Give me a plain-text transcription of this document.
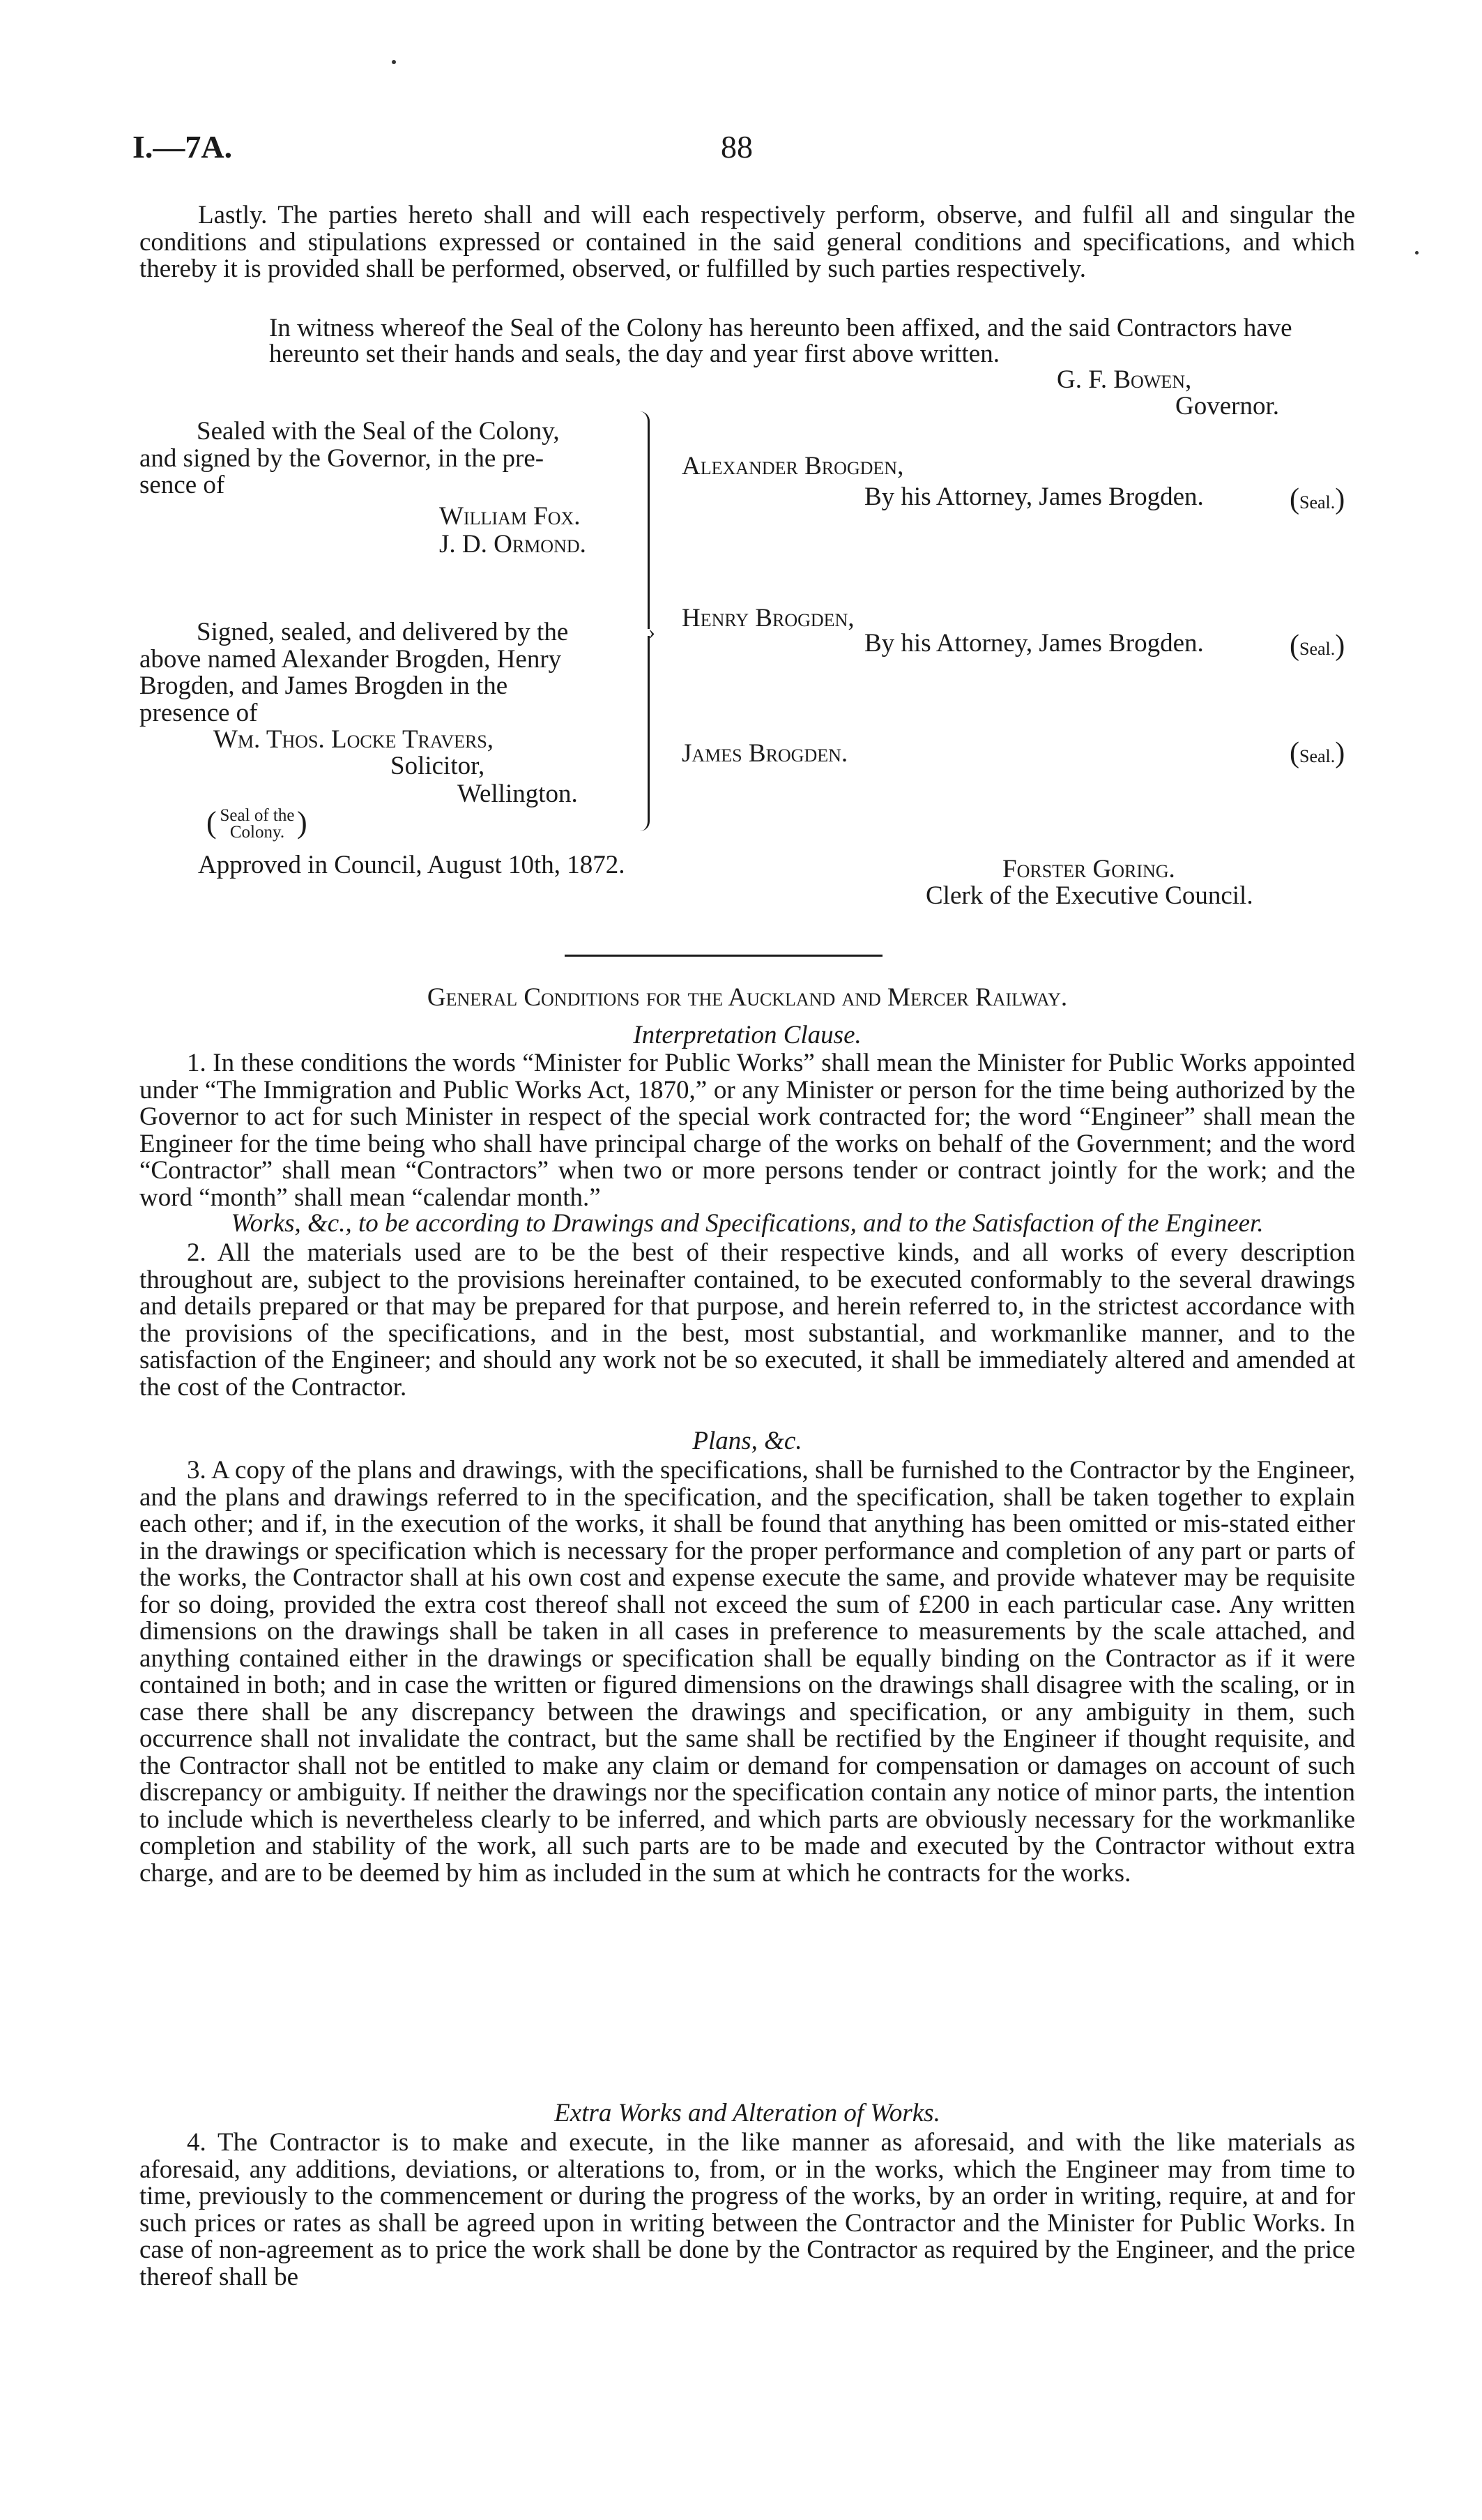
I.—7A.	88

Lastly. The parties hereto shall and will each respectively perform, observe, and fulfil all and singular the conditions and stipulations expressed or contained in the said general conditions and specifications, and which thereby it is provided shall be performed, observed, or fulfilled by such parties respectively.

In witness whereof the Seal of the Colony has hereunto been affixed, and the said Contractors have hereunto set their hands and seals, the day and year first above written.

G. F. Bowen,
Governor.
Sealed with the Seal of the Colony,
and signed by the Governor, in the pre-
sence of
William Fox.
J. D. Ormond.
Signed, sealed, and delivered by the
above named Alexander Brogden, Henry
Brogden, and James Brogden in the
presence of
Wm. Thos. Locke Travers,
Solicitor,
Wellington.
›
( Seal of the
Colony. )
Alexander Brogden,
By his Attorney, James Brogden.	(Seal.)
Henry Brogden,
By his Attorney, James Brogden.	(Seal.)
James Brogden.	(Seal.)
Approved in Council, August 10th, 1872.	Forster Goring.
Clerk of the Executive Council.
General Conditions for the Auckland and Mercer Railway.
Interpretation Clause.

1. In these conditions the words “Minister for Public Works” shall mean the Minister for Public Works appointed under “The Immigration and Public Works Act, 1870,” or any Minister or person for the time being authorized by the Governor to act for such Minister in respect of the special work contracted for; the word “Engineer” shall mean the Engineer for the time being who shall have principal charge of the works on behalf of the Government; and the word “Contractor” shall mean “Contractors” when two or more persons tender or contract jointly for the work; and the word “month” shall mean “calendar month.”

Works, &c., to be according to Drawings and Specifications, and to the Satisfaction of the Engineer.

2. All the materials used are to be the best of their respective kinds, and all works of every description throughout are, subject to the provisions hereinafter contained, to be executed conformably to the several drawings and details prepared or that may be prepared for that purpose, and herein referred to, in the strictest accordance with the provisions of the specifications, and in the best, most substantial, and workmanlike manner, and to the satisfaction of the Engineer; and should any work not be so executed, it shall be immediately altered and amended at the cost of the Contractor.

Plans, &c.

3. A copy of the plans and drawings, with the specifications, shall be furnished to the Contractor by the Engineer, and the plans and drawings referred to in the specification, and the specification, shall be taken together to explain each other; and if, in the execution of the works, it shall be found that anything has been omitted or mis-stated either in the drawings or specification which is necessary for the proper performance and completion of any part or parts of the works, the Contractor shall at his own cost and expense execute the same, and provide whatever may be requisite for so doing, provided the extra cost thereof shall not exceed the sum of £200 in each particular case. Any written dimensions on the drawings shall be taken in all cases in preference to measurements by the scale attached, and anything contained either in the drawings or specification shall be equally binding on the Contractor as if it were contained in both; and in case the written or figured dimensions on the drawings shall disagree with the scaling, or in case there shall be any discrepancy between the drawings and specification, or any ambiguity in them, such occurrence shall not invalidate the contract, but the same shall be rectified by the Engineer if thought requisite, and the Contractor shall not be entitled to make any claim or demand for compensation or damages on account of such discrepancy or ambiguity. If neither the drawings nor the specification contain any notice of minor parts, the intention to include which is nevertheless clearly to be inferred, and which parts are obviously necessary for the workmanlike completion and stability of the work, all such parts are to be made and executed by the Contractor without extra charge, and are to be deemed by him as included in the sum at which he contracts for the works.

Extra Works and Alteration of Works.

4. The Contractor is to make and execute, in the like manner as aforesaid, and with the like materials as aforesaid, any additions, deviations, or alterations to, from, or in the works, which the Engineer may from time to time, previously to the commencement or during the progress of the works, by an order in writing, require, at and for such prices or rates as shall be agreed upon in writing between the Contractor and the Minister for Public Works. In case of non-agreement as to price the work shall be done by the Contractor as required by the Engineer, and the price thereof shall be
